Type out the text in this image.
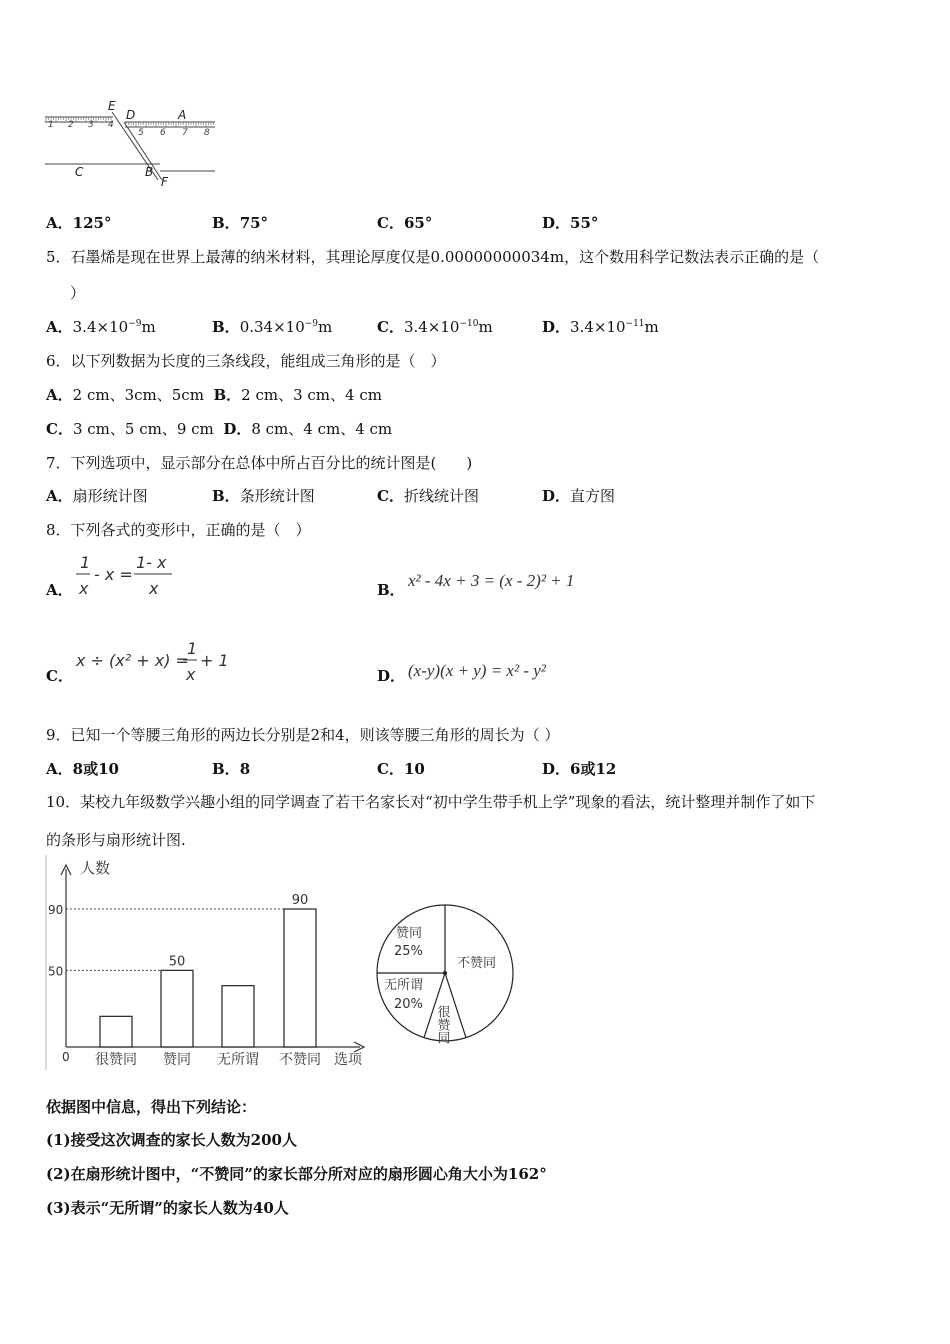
1 2 3 4
5 6 7 8
E
D	A
C	B
F
A．125°	B．75°	C．65°	D．55°
5．石墨烯是现在世界上最薄的纳米材料，其理论厚度仅是0.00000000034m，这个数用科学记数法表示正确的是（
）
A．$3.4\times 10^{-9}m$	B．$0.34\times 10^{-9}m$	C．$3.4\times 10^{-10}m$	D．$3.4\times 10^{-11}m$
6．以下列数据为长度的三条线段，能组成三角形的是（　）
A．2 cm、3cm、5cm B．2 cm、3 cm、4 cm
C．3 cm、5 cm、9 cm D．8 cm、4 cm、4 cm
7．下列选项中，显示部分在总体中所占百分比的统计图是(　　)
A．扇形统计图	B．条形统计图	C．折线统计图	D．直方图
8．下列各式的变形中，正确的是（　）
A．
1
x
- x =
1- x
x	B． x² - 4x + 3 = (x - 2)² + 1
C．
x ÷ (x² + x) =
1
x
+ 1
D． (x-y)(x + y) = x² - y²
9．已知一个等腰三角形的两边长分别是2和4，则该等腰三角形的周长为（ ）
A．8或10	B．8	C．10	D．6或12
10．某校九年级数学兴趣小组的同学调查了若干名家长对“初中学生带手机上学”现象的看法，统计整理并制作了如下
的条形与扇形统计图.
人数
选项
0
50
90
50
90
很赞同 赞同 无所谓 不赞同
赞同
25%
不赞同
无所谓
20%
很赞同
依据图中信息，得出下列结论：
(1)接受这次调查的家长人数为200人
(2)在扇形统计图中，“不赞同”的家长部分所对应的扇形圆心角大小为162°
(3)表示“无所谓”的家长人数为40人
